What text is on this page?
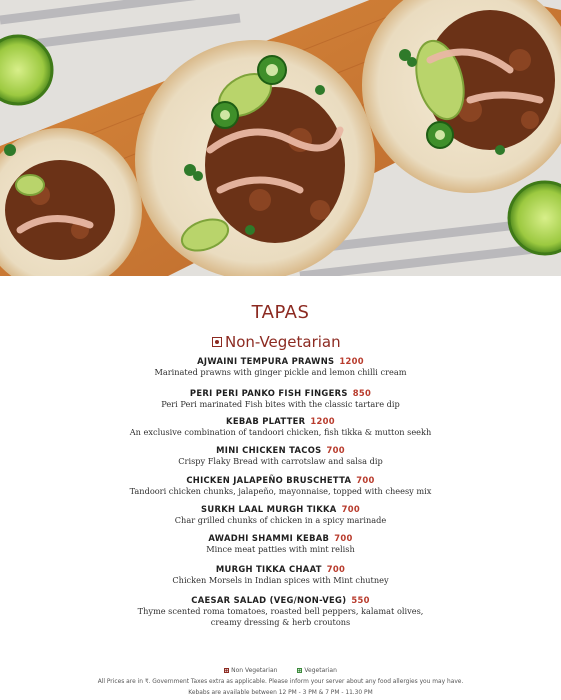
TAPAS
Non-Vegetarian
AJWAINI TEMPURA PRAWNS 1200
Marinated prawns with ginger pickle and lemon chilli cream
PERI PERI PANKO FISH FINGERS 850
Peri Peri marinated Fish bites with the classic tartare dip
KEBAB PLATTER 1200
An exclusive combination of tandoori chicken, fish tikka & mutton seekh
MINI CHICKEN TACOS 700
Crispy Flaky Bread with carrotslaw and salsa dip
CHICKEN JALAPEÑO BRUSCHETTA 700
Tandoori chicken chunks, jalapeño, mayonnaise, topped with cheesy mix
SURKH LAAL MURGH TIKKA 700
Char grilled chunks of chicken in a spicy marinade
AWADHI SHAMMI KEBAB 700
Mince meat patties with mint relish
MURGH TIKKA CHAAT 700
Chicken Morsels in Indian spices with Mint chutney
CAESAR SALAD (VEG/NON-VEG) 550
Thyme scented roma tomatoes, roasted bell peppers, kalamat olives,
creamy dressing & herb croutons
Non Vegetarian	Vegetarian
All Prices are in ₹. Government Taxes extra as applicable. Please inform your server about any food allergies you may have.
Kebabs are available between 12 PM - 3 PM & 7 PM - 11.30 PM
